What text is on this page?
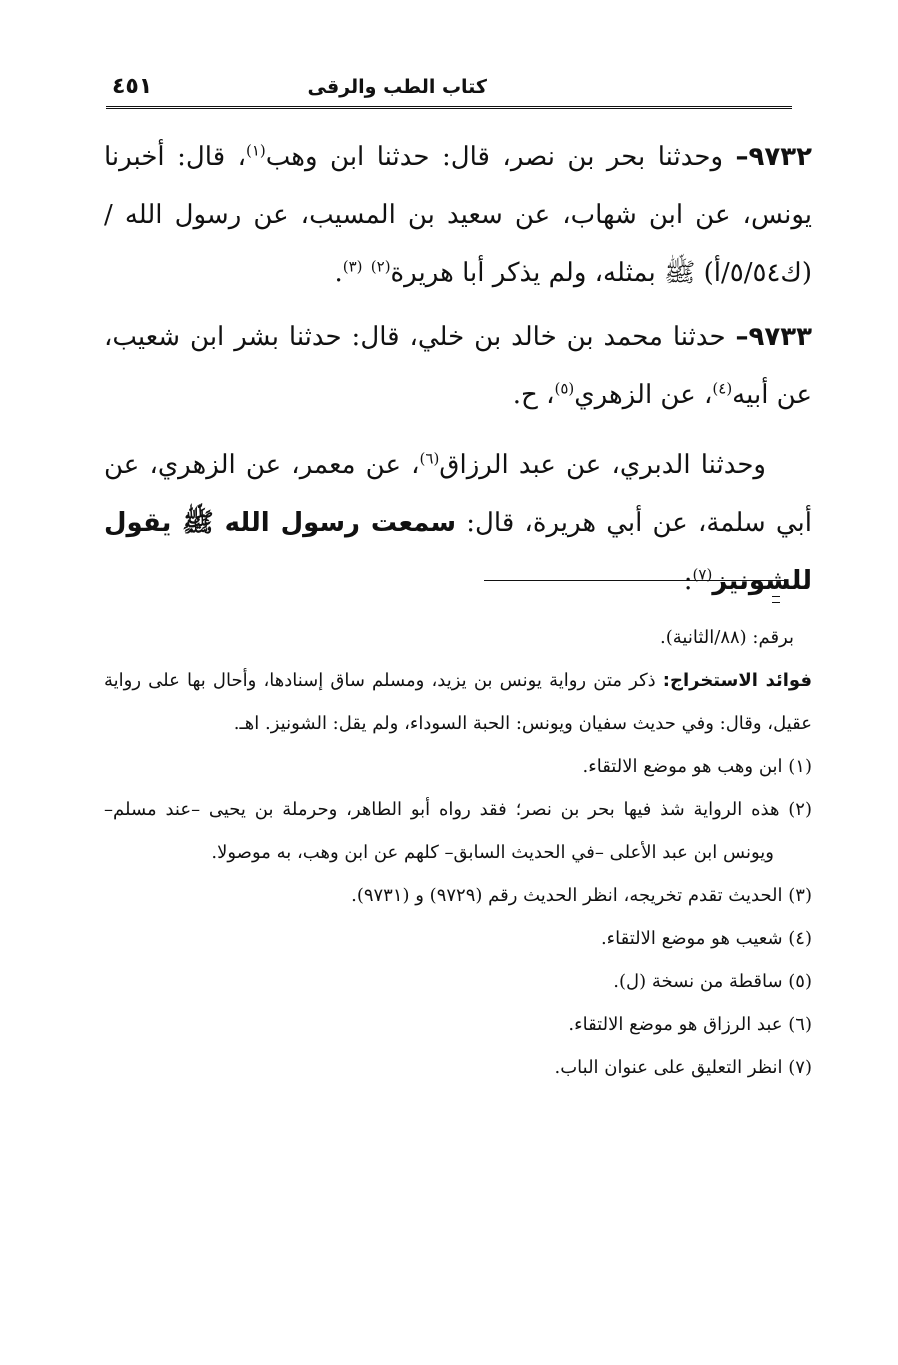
كتاب الطب والرقى
٤٥١

٩٧٣٢– وحدثنا بحر بن نصر، قال: حدثنا ابن وهب$^{(١)}$، قال: أخبرنا يونس، عن ابن شهاب، عن سعيد بن المسيب، عن رسول الله / (ك٥/٥٤/أ) ﷺ بمثله، ولم يذكر أبا هريرة$^{(٢)}$ $^{(٣)}$.

٩٧٣٣– حدثنا محمد بن خالد بن خلي، قال: حدثنا بشر ابن شعيب، عن أبيه$^{(٤)}$، عن الزهري$^{(٥)}$، ح.

وحدثنا الدبري، عن عبد الرزاق$^{(٦)}$، عن معمر، عن الزهري، عن أبي سلمة، عن أبي هريرة، قال: سمعت رسول الله ﷺ يقول للشونيز$^{(٧)}$:

برقم: (٨٨/الثانية).

فوائد الاستخراج: ذكر متن رواية يونس بن يزيد، ومسلم ساق إسنادها، وأحال بها على رواية عقيل، وقال: وفي حديث سفيان ويونس: الحبة السوداء، ولم يقل: الشونيز. اهـ.

(١) ابن وهب هو موضع الالتقاء.

(٢) هذه الرواية شذ فيها بحر بن نصر؛ فقد رواه أبو الطاهر، وحرملة بن يحيى –عند مسلم– ويونس ابن عبد الأعلى –في الحديث السابق– كلهم عن ابن وهب، به موصولا.

(٣) الحديث تقدم تخريجه، انظر الحديث رقم (٩٧٢٩) و (٩٧٣١).

(٤) شعيب هو موضع الالتقاء.

(٥) ساقطة من نسخة (ل).

(٦) عبد الرزاق هو موضع الالتقاء.

(٧) انظر التعليق على عنوان الباب.
